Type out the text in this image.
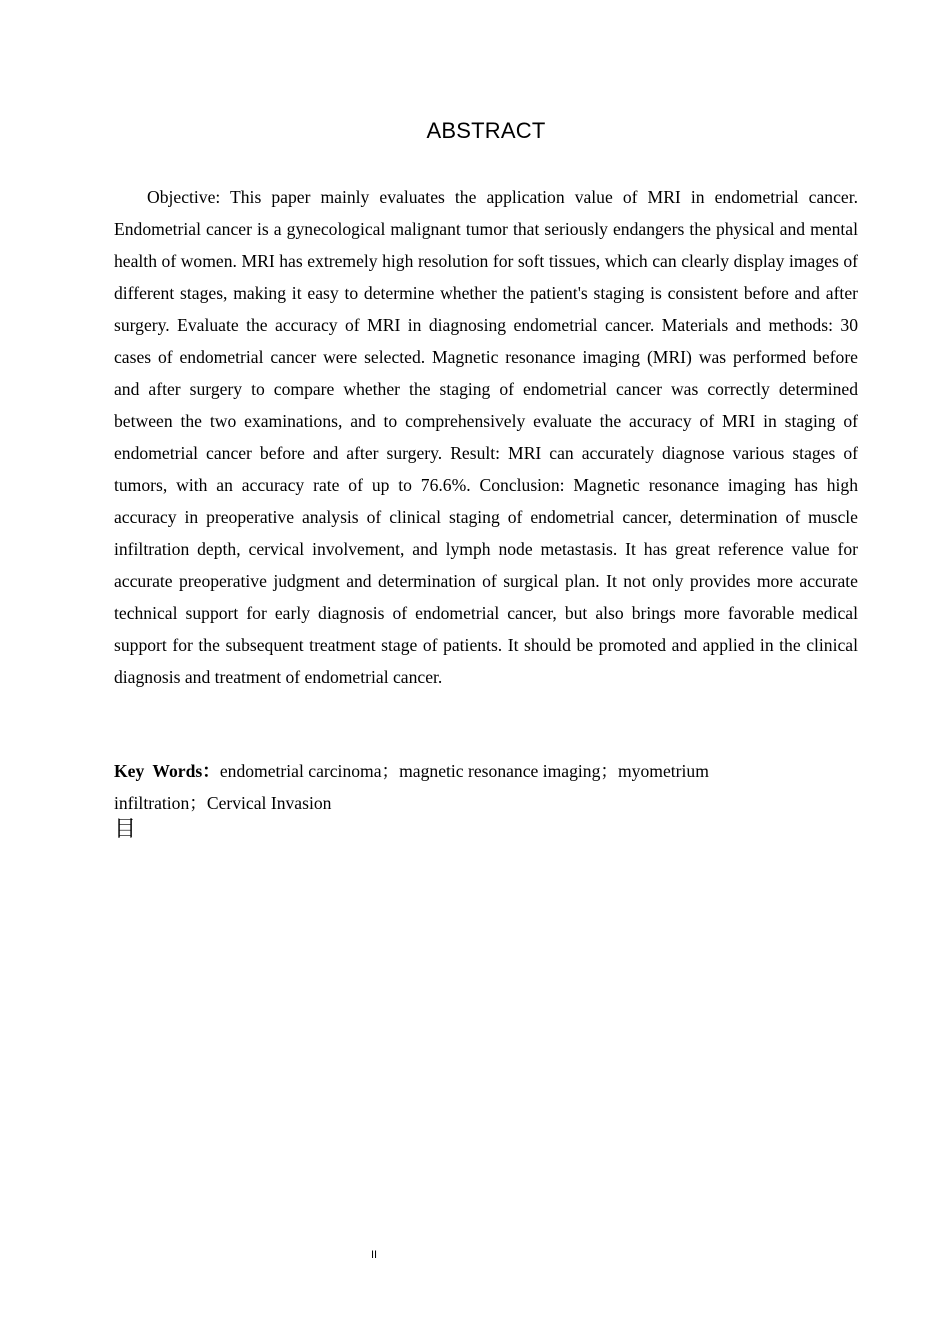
ABSTRACT

Objective: This paper mainly evaluates the application value of MRI in endometrial cancer. Endometrial cancer is a gynecological malignant tumor that seriously endangers the physical and mental health of women. MRI has extremely high resolution for soft tissues, which can clearly display images of different stages, making it easy to determine whether the patient's staging is consistent before and after surgery. Evaluate the accuracy of MRI in diagnosing endometrial cancer. Materials and methods: 30 cases of endometrial cancer were selected. Magnetic resonance imaging (MRI) was performed before and after surgery to compare whether the staging of endometrial cancer was correctly determined between the two examinations, and to comprehensively evaluate the accuracy of MRI in staging of endometrial cancer before and after surgery. Result: MRI can accurately diagnose various stages of tumors, with an accuracy rate of up to 76.6%. Conclusion: Magnetic resonance imaging has high accuracy in preoperative analysis of clinical staging of endometrial cancer, determination of muscle infiltration depth, cervical involvement, and lymph node metastasis. It has great reference value for accurate preoperative judgment and determination of surgical plan. It not only provides more accurate technical support for early diagnosis of endometrial cancer, but also brings more favorable medical support for the subsequent treatment stage of patients. It should be promoted and applied in the clinical diagnosis and treatment of endometrial cancer.

Key Words：endometrial carcinoma；magnetic resonance imaging；myometrium infiltration；Cervical Invasion

目
II
